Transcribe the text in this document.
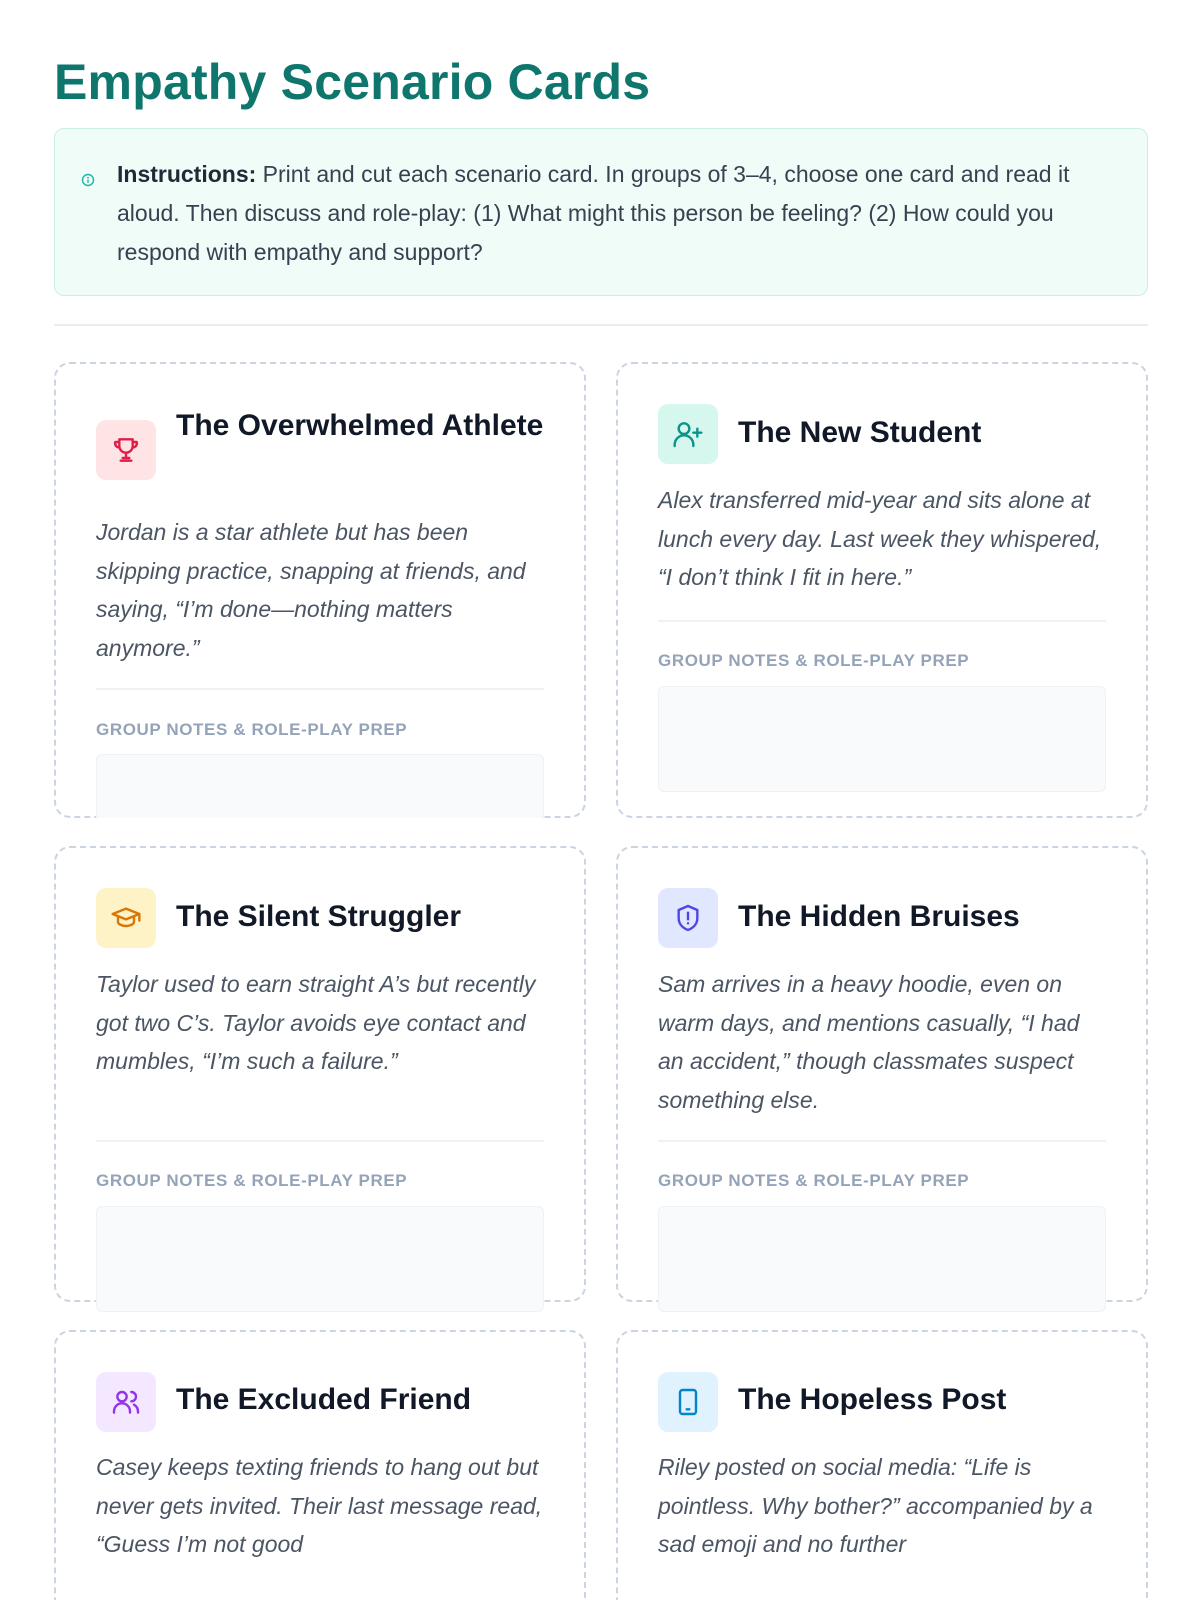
Empathy Scenario Cards
Instructions: Print and cut each scenario card. In groups of 3–4, choose one card and read it aloud. Then discuss and role-play: (1) What might this person be feeling? (2) How could you respond with empathy and support?
The Overwhelmed Athlete

Jordan is a star athlete but has been skipping practice, snapping at friends, and saying, “I’m done—nothing matters anymore.”

GROUP NOTES & ROLE-PLAY PREP

The New Student

Alex transferred mid-year and sits alone at lunch every day. Last week they whispered, “I don’t think I fit in here.”

GROUP NOTES & ROLE-PLAY PREP

The Silent Struggler

Taylor used to earn straight A’s but recently got two C’s. Taylor avoids eye contact and mumbles, “I’m such a failure.”

GROUP NOTES & ROLE-PLAY PREP

The Hidden Bruises

Sam arrives in a heavy hoodie, even on warm days, and mentions casually, “I had an accident,” though classmates suspect something else.

GROUP NOTES & ROLE-PLAY PREP

The Excluded Friend

Casey keeps texting friends to hang out but never gets invited. Their last message read, “Guess I’m not good

The Hopeless Post

Riley posted on social media: “Life is pointless. Why bother?” accompanied by a sad emoji and no further
